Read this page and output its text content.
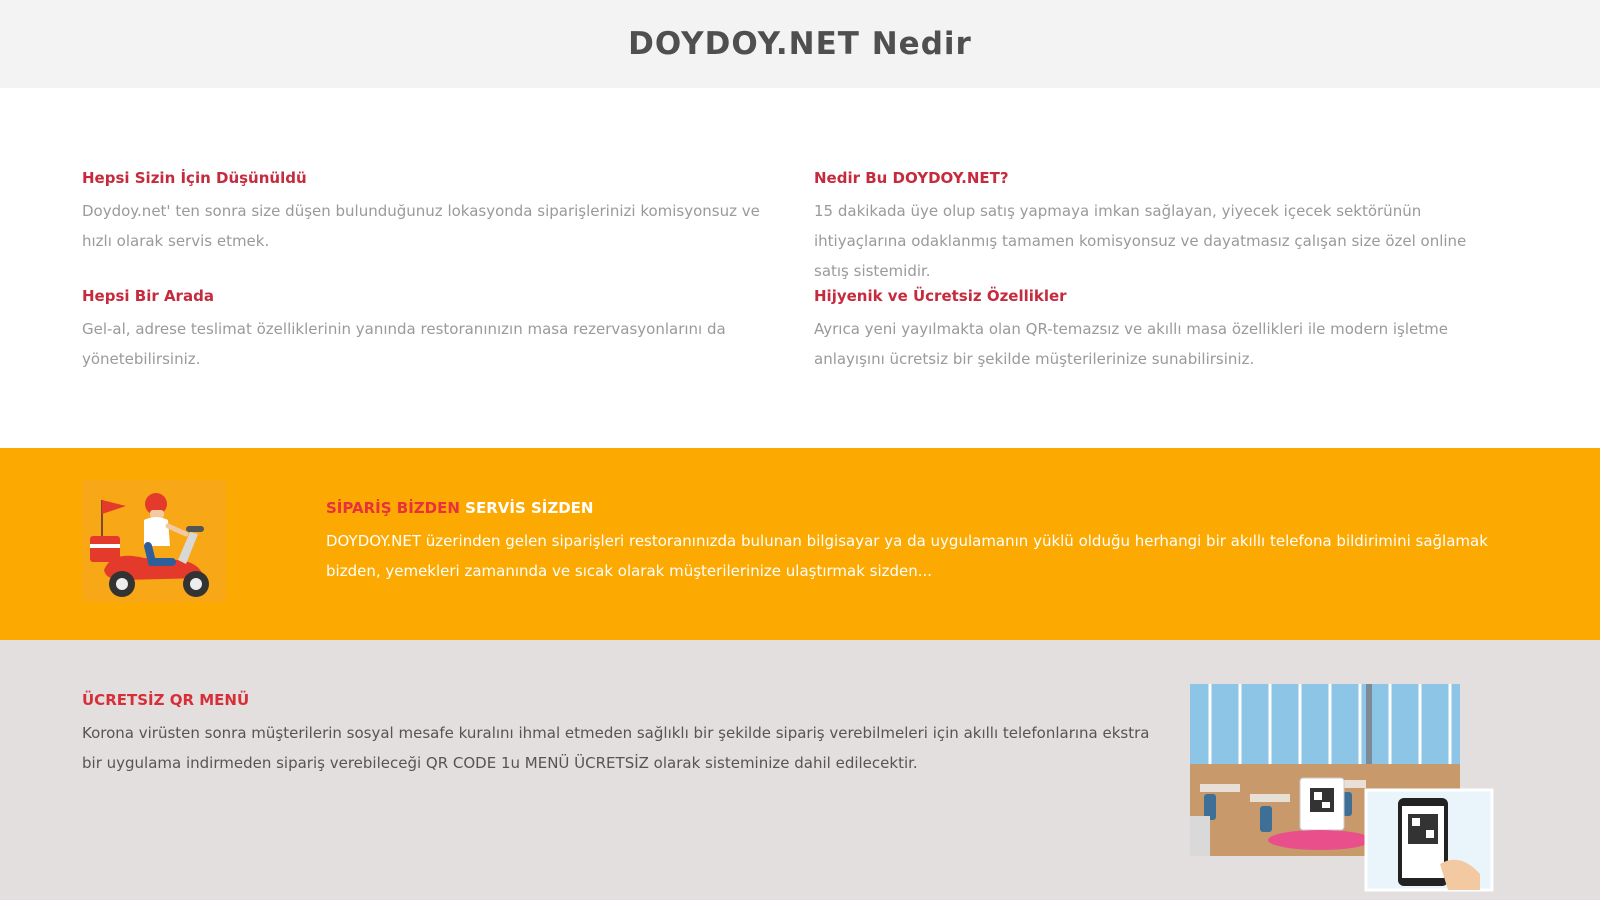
DOYDOY.NET Nedir
Hepsi Sizin İçin Düşünüldü

Doydoy.net' ten sonra size düşen bulunduğunuz lokasyonda siparişlerinizi komisyonsuz ve hızlı olarak servis etmek.

Nedir Bu DOYDOY.NET?

15 dakikada üye olup satış yapmaya imkan sağlayan, yiyecek içecek sektörünün ihtiyaçlarına odaklanmış tamamen komisyonsuz ve dayatmasız çalışan size özel online satış sistemidir.

Hepsi Bir Arada

Gel-al, adrese teslimat özelliklerinin yanında restoranınızın masa rezervasyonlarını da yönetebilirsiniz.

Hijyenik ve Ücretsiz Özellikler

Ayrıca yeni yayılmakta olan QR-temazsız ve akıllı masa özellikleri ile modern işletme anlayışını ücretsiz bir şekilde müşterilerinize sunabilirsiniz.

SİPARİŞ BİZDEN SERVİS SİZDEN

DOYDOY.NET üzerinden gelen siparişleri restoranınızda bulunan bilgisayar ya da uygulamanın yüklü olduğu herhangi bir akıllı telefona bildirimini sağlamak bizden, yemekleri zamanında ve sıcak olarak müşterilerinize ulaştırmak sizden...

ÜCRETSİZ QR MENÜ

Korona virüsten sonra müşterilerin sosyal mesafe kuralını ihmal etmeden sağlıklı bir şekilde sipariş verebilmeleri için akıllı telefonlarına ekstra bir uygulama indirmeden sipariş verebileceği QR CODE 1u MENÜ ÜCRETSİZ olarak sisteminize dahil edilecektir.
